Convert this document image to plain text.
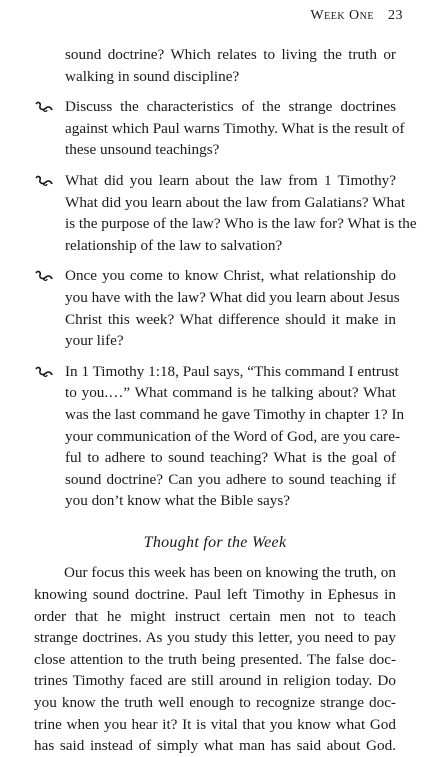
Week One 23
sound doctrine? Which relates to living the truth or
walking in sound discipline?
Discuss the characteristics of the strange doctrines
against which Paul warns Timothy. What is the result of
these unsound teachings?
What did you learn about the law from 1 Timothy?
What did you learn about the law from Galatians? What
is the purpose of the law? Who is the law for? What is the
relationship of the law to salvation?
Once you come to know Christ, what relationship do
you have with the law? What did you learn about Jesus
Christ this week? What difference should it make in
your life?
In 1 Timothy 1:18, Paul says, “This command I entrust
to you.…” What command is he talking about? What
was the last command he gave Timothy in chapter 1? In
your communication of the Word of God, are you care-
ful to adhere to sound teaching? What is the goal of
sound doctrine? Can you adhere to sound teaching if
you don’t know what the Bible says?
Thought for the Week
Our focus this week has been on knowing the truth, on
knowing sound doctrine. Paul left Timothy in Ephesus in
order that he might instruct certain men not to teach
strange doctrines. As you study this letter, you need to pay
close attention to the truth being presented. The false doc-
trines Timothy faced are still around in religion today. Do
you know the truth well enough to recognize strange doc-
trine when you hear it? It is vital that you know what God
has said instead of simply what man has said about God.
